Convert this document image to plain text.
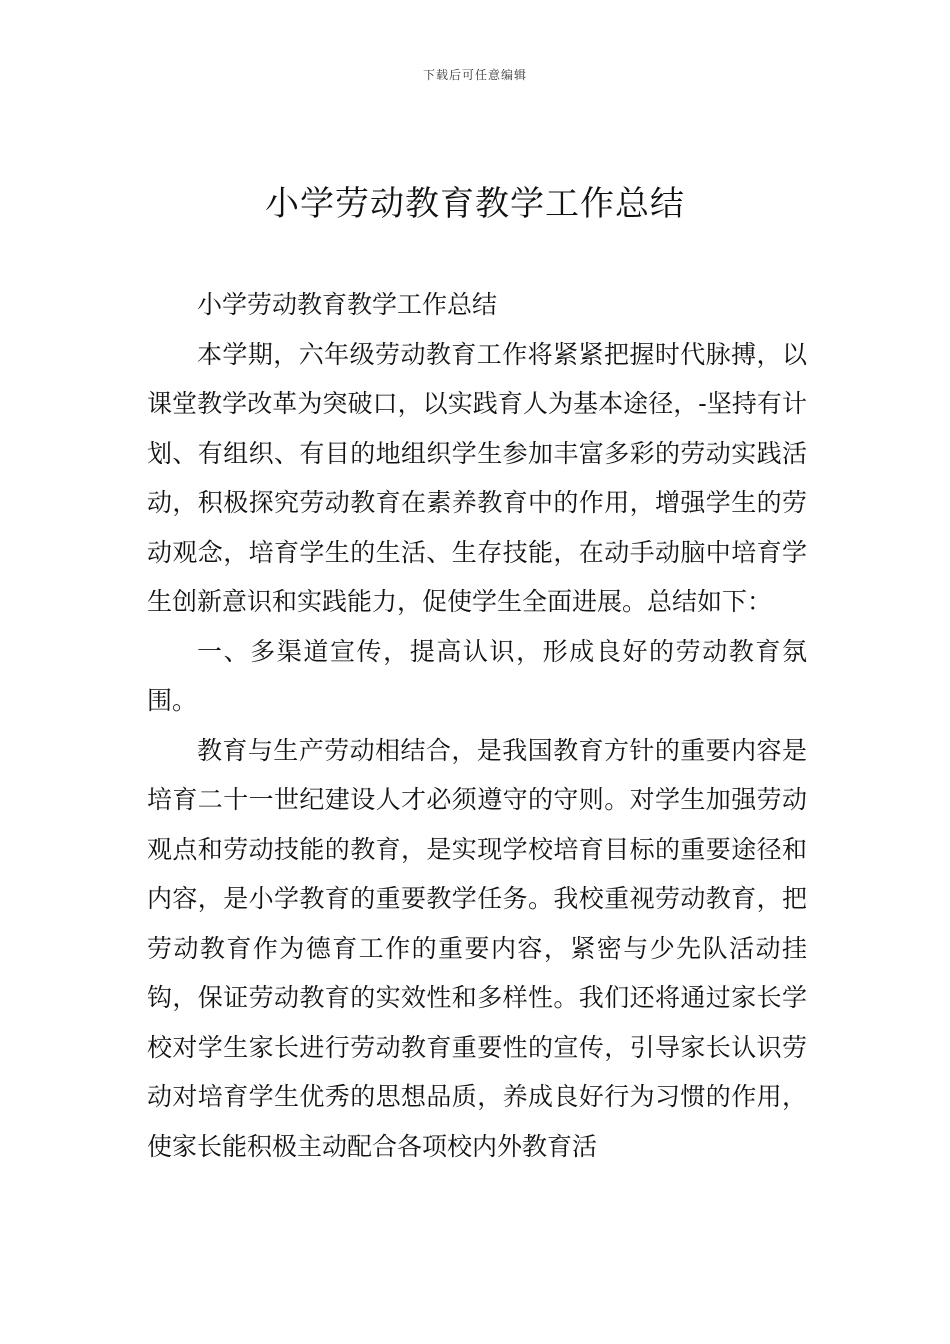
下载后可任意编辑
小学劳动教育教学工作总结

小学劳动教育教学工作总结

本学期，六年级劳动教育工作将紧紧把握时代脉搏，以课堂教学改革为突破口，以实践育人为基本途径，-坚持有计划、有组织、有目的地组织学生参加丰富多彩的劳动实践活动，积极探究劳动教育在素养教育中的作用，增强学生的劳动观念，培育学生的生活、生存技能，在动手动脑中培育学生创新意识和实践能力，促使学生全面进展。总结如下：

一、多渠道宣传，提高认识，形成良好的劳动教育氛围。

教育与生产劳动相结合，是我国教育方针的重要内容是培育二十一世纪建设人才必须遵守的守则。对学生加强劳动观点和劳动技能的教育，是实现学校培育目标的重要途径和内容，是小学教育的重要教学任务。我校重视劳动教育，把劳动教育作为德育工作的重要内容，紧密与少先队活动挂钩，保证劳动教育的实效性和多样性。我们还将通过家长学校对学生家长进行劳动教育重要性的宣传，引导家长认识劳动对培育学生优秀的思想品质，养成良好行为习惯的作用，使家长能积极主动配合各项校内外教育活
